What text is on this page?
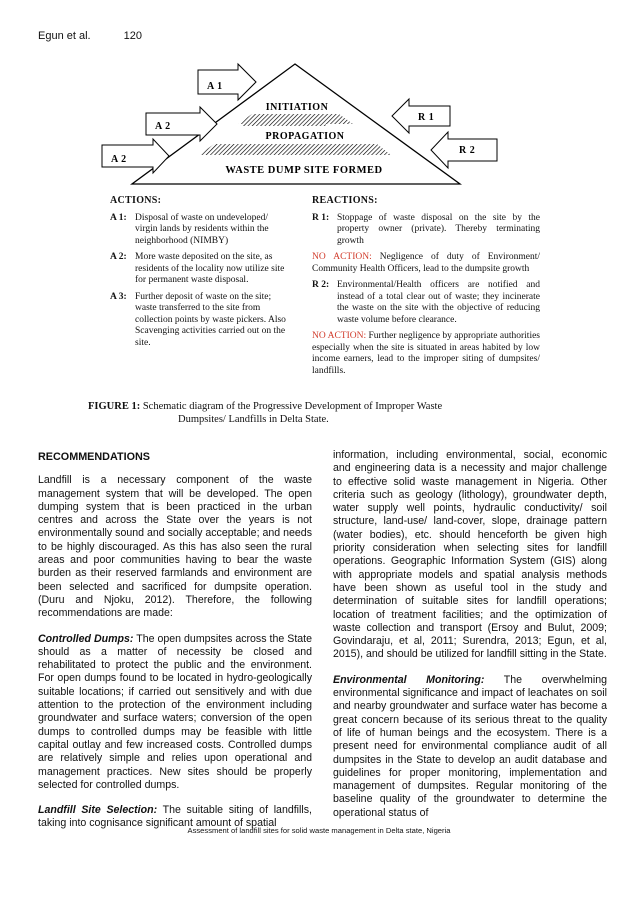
Egun et al.	120
A 1
A 2
A 2
R 1
R 2
INITIATION
PROPAGATION
WASTE DUMP SITE FORMED

ACTIONS:

A 1: Disposal of waste on undeveloped/ virgin lands by residents within the neighborhood (NIMBY)

A 2: More waste deposited on the site, as residents of the locality now utilize site for permanent waste disposal.

A 3: Further deposit of waste on the site; waste transferred to the site from collection points by waste pickers. Also Scavenging activities carried out on the site.

REACTIONS:

R 1: Stoppage of waste disposal on the site by the property owner (private). Thereby terminating growth

NO ACTION: Negligence of duty of Environment/ Community Health Officers, lead to the dumpsite growth

R 2: Environmental/Health officers are notified and instead of a total clear out of waste; they incinerate the waste on the site with the objective of reducing waste volume before clearance.

NO ACTION: Further negligence by appropriate authorities especially when the site is situated in areas habited by low income earners, lead to the improper siting of dumpsites/ landfills.

FIGURE 1: Schematic diagram of the Progressive Development of Improper Waste
Dumpsites/ Landfills in Delta State.

RECOMMENDATIONS

Landfill is a necessary component of the waste management system that will be developed. The open dumping system that is been practiced in the urban centres and across the State over the years is not environmentally sound and socially acceptable; and needs to be highly discouraged. As this has also seen the rural areas and poor communities having to bear the waste burden as their reserved farmlands and environment are been selected and sacrificed for dumpsite operation. (Duru and Njoku, 2012). Therefore, the following recommendations are made:

Controlled Dumps: The open dumpsites across the State should as a matter of necessity be closed and rehabilitated to protect the public and the environment. For open dumps found to be located in hydro-geologically suitable locations; if carried out sensitively and with due attention to the protection of the environment including groundwater and surface waters; conversion of the open dumps to controlled dumps may be feasible with little capital outlay and few increased costs. Controlled dumps are relatively simple and relies upon operational and management practices. New sites should be properly selected for controlled dumps.

Landfill Site Selection: The suitable siting of landfills, taking into cognisance significant amount of spatial

information, including environmental, social, economic and engineering data is a necessity and major challenge to effective solid waste management in Nigeria. Other criteria such as geology (lithology), groundwater depth, water supply well points, hydraulic conductivity/ soil structure, land-use/ land-cover, slope, drainage pattern (water bodies), etc. should henceforth be given high priority consideration when selecting sites for landfill operations. Geographic Information System (GIS) along with appropriate models and spatial analysis methods have been shown as useful tool in the study and determination of suitable sites for landfill operations; location of treatment facilities; and the optimization of waste collection and transport (Ersoy and Bulut, 2009; Govindaraju, et al, 2011; Surendra, 2013; Egun, et al, 2015), and should be utilized for landfill sitting in the State.

Environmental Monitoring: The overwhelming environmental significance and impact of leachates on soil and nearby groundwater and surface water has become a great concern because of its serious threat to the quality of life of human beings and the ecosystem. There is a present need for environmental compliance audit of all dumpsites in the State to develop an audit database and guidelines for proper monitoring, implementation and management of dumpsites. Regular monitoring of the baseline quality of the groundwater to determine the operational status of

Assessment of landfill sites for solid waste management in Delta state, Nigeria
